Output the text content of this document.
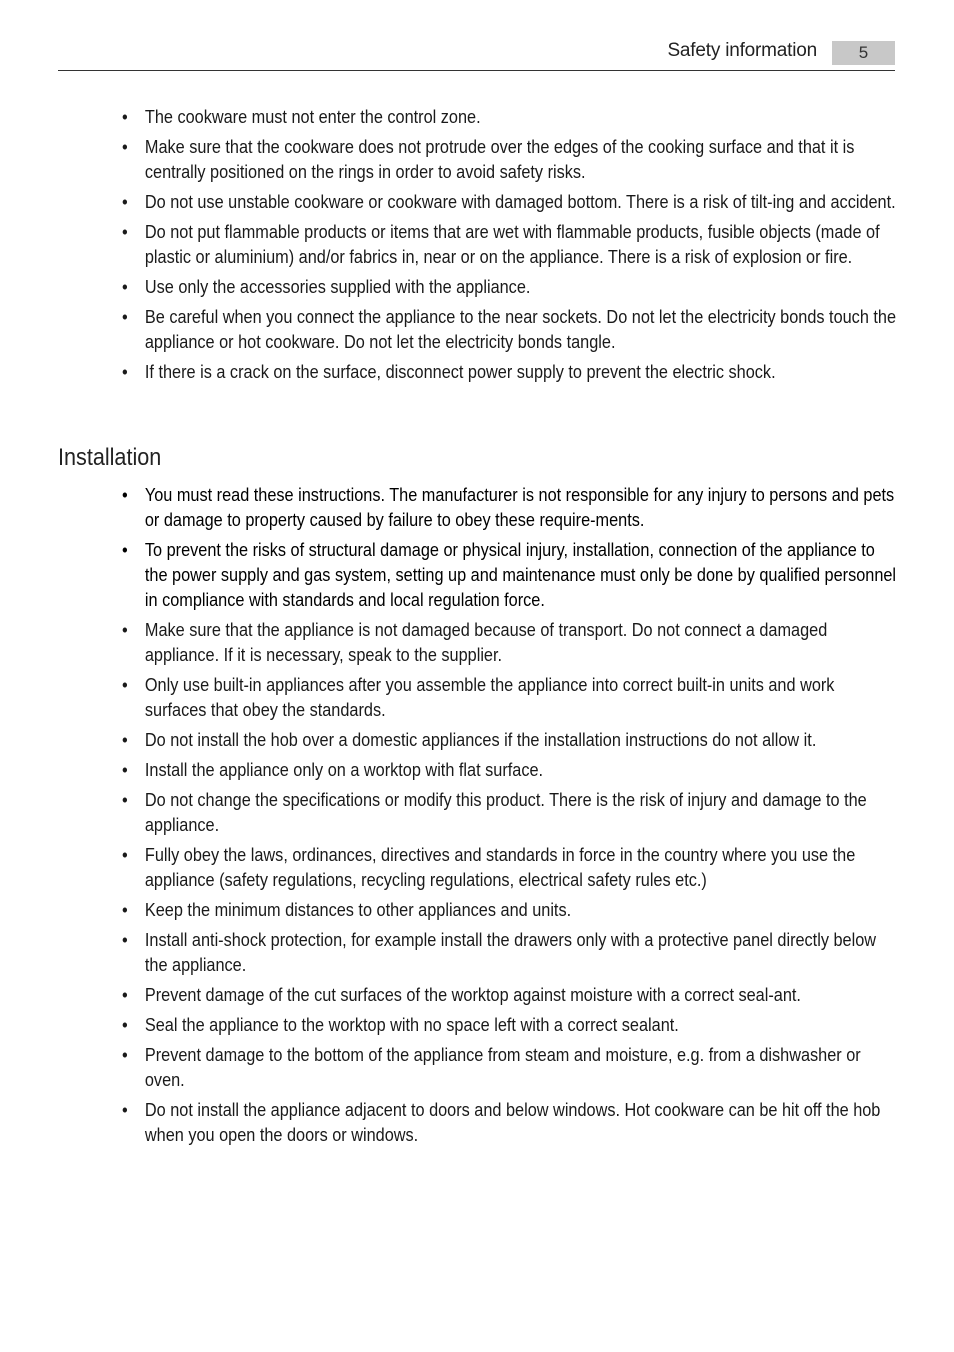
Safety information	5
• The cookware must not enter the control zone.
• Make sure that the cookware does not protrude over the edges of the cooking surface and that it is centrally positioned on the rings in order to avoid safety risks.
• Do not use unstable cookware or cookware with damaged bottom. There is a risk of tilt-ing and accident.
• Do not put flammable products or items that are wet with flammable products, fusible objects (made of plastic or aluminium) and/or fabrics in, near or on the appliance. There is a risk of explosion or fire.
• Use only the accessories supplied with the appliance.
• Be careful when you connect the appliance to the near sockets. Do not let the electricity bonds touch the appliance or hot cookware. Do not let the electricity bonds tangle.
• If there is a crack on the surface, disconnect power supply to prevent the electric shock.
Installation
• You must read these instructions. The manufacturer is not responsible for any injury to persons and pets or damage to property caused by failure to obey these require-ments.
• To prevent the risks of structural damage or physical injury, installation, connection of the appliance to the power supply and gas system, setting up and maintenance must only be done by qualified personnel in compliance with standards and local regulation force.
• Make sure that the appliance is not damaged because of transport. Do not connect a damaged appliance. If it is necessary, speak to the supplier.
• Only use built-in appliances after you assemble the appliance into correct built-in units and work surfaces that obey the standards.
• Do not install the hob over a domestic appliances if the installation instructions do not allow it.
• Install the appliance only on a worktop with flat surface.
• Do not change the specifications or modify this product. There is the risk of injury and damage to the appliance.
• Fully obey the laws, ordinances, directives and standards in force in the country where you use the appliance (safety regulations, recycling regulations, electrical safety rules etc.)
• Keep the minimum distances to other appliances and units.
• Install anti-shock protection, for example install the drawers only with a protective panel directly below the appliance.
• Prevent damage of the cut surfaces of the worktop against moisture with a correct seal-ant.
• Seal the appliance to the worktop with no space left with a correct sealant.
• Prevent damage to the bottom of the appliance from steam and moisture, e.g. from a dishwasher or oven.
• Do not install the appliance adjacent to doors and below windows. Hot cookware can be hit off the hob when you open the doors or windows.
